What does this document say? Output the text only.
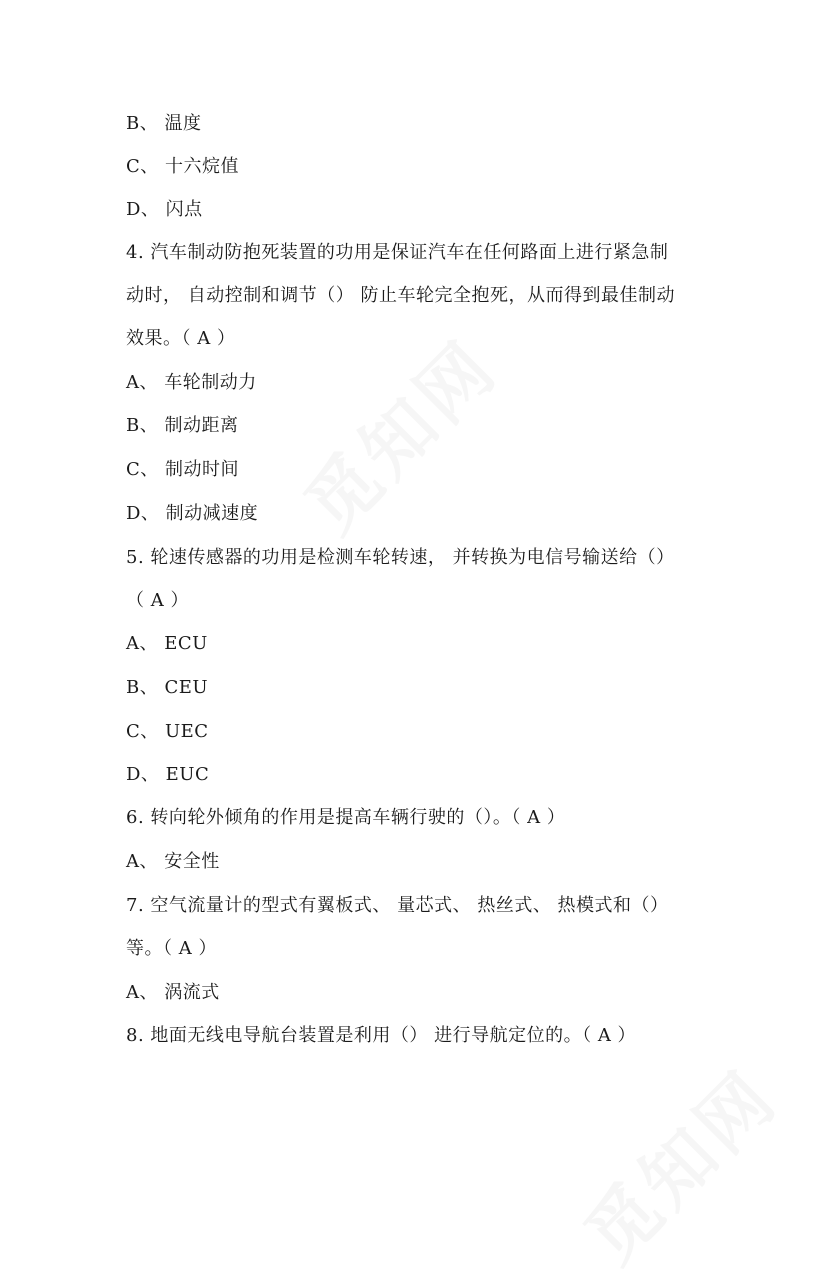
B、 温度
C、 十六烷值
D、 闪点
4. 汽车制动防抱死装置的功用是保证汽车在任何路面上进行紧急制
动时， 自动控制和调节（） 防止车轮完全抱死，从而得到最佳制动
效果。（ A ）
A、 车轮制动力
B、 制动距离
C、 制动时间
D、 制动减速度
5. 轮速传感器的功用是检测车轮转速， 并转换为电信号输送给（）
（ A ）
A、 ECU
B、 CEU
C、 UEC
D、 EUC
6. 转向轮外倾角的作用是提高车辆行驶的（）。（ A ）
A、 安全性
7. 空气流量计的型式有翼板式、 量芯式、 热丝式、 热模式和（）
等。（ A ）
A、 涡流式
8. 地面无线电导航台装置是利用（） 进行导航定位的。（ A ）
